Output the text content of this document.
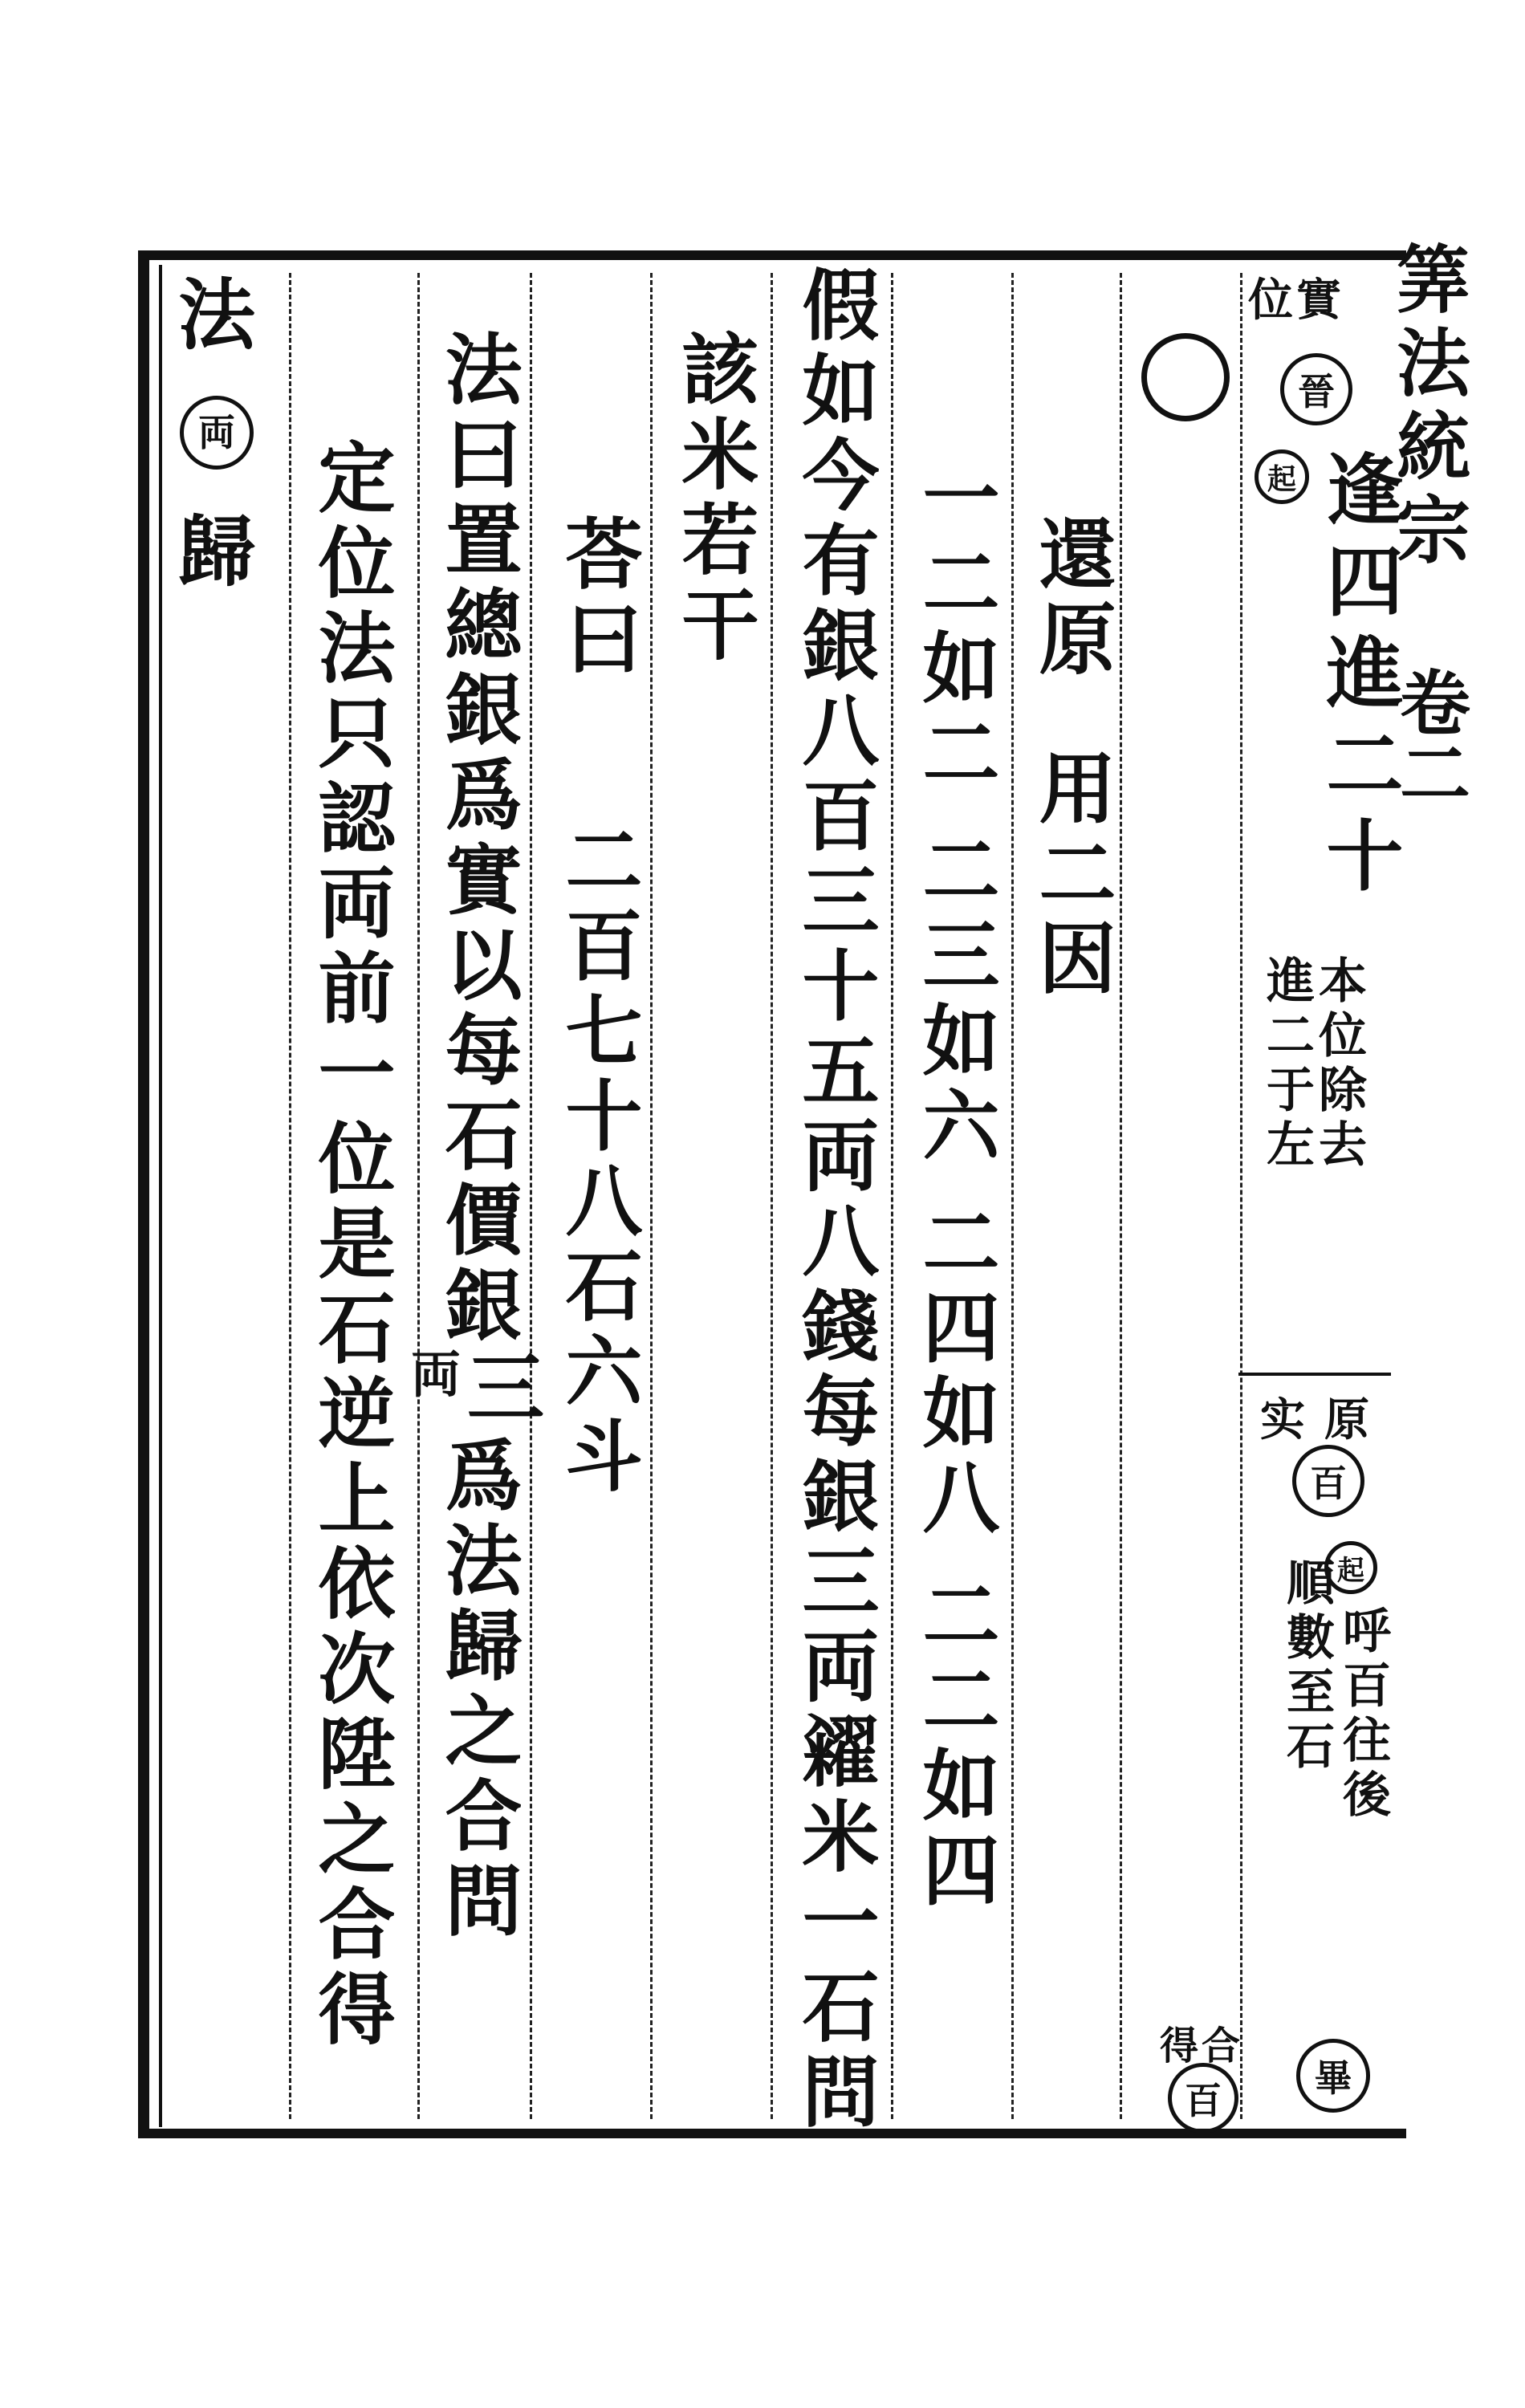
法
両
歸 定位法只認両前一位是石逆上依次陞之合得 法曰置總銀爲實以每石價銀
三
両
爲法歸之合問
荅曰
二百七十八石六斗
該米若干 假如今有銀八百三十五両八錢每銀三両糴米一石問 一二如二
二三如六
二四如八
二二如四
還原
用二因
位 實
晉
起 逢四進二十
本位除去
進二于左
原
实
百
起
呼百往後
順數至石
得 合
百
畢
筭法統宗
卷二
